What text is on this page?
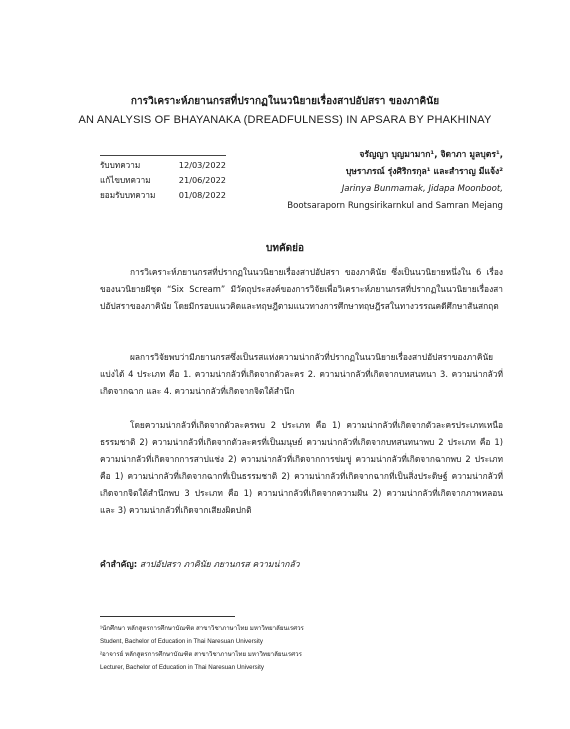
การวิเคราะห์ภยานกรสที่ปรากฏในนวนิยายเรื่องสาปอัปสรา ของภาคินัย
AN ANALYSIS OF BHAYANAKA (DREADFULNESS) IN APSARA BY PHAKHINAY
รับบทความ	12/03/2022
แก้ไขบทความ	21/06/2022
ยอมรับบทความ	01/08/2022
จรัญญา บุญมามาก¹, จิดาภา มูลบุตร¹,
บุษราภรณ์ รุ่งศิริกรกุล¹ และสำราญ มีแจ้ง²
Jarinya Bunmamak, Jidapa Moonboot,
Bootsaraporn Rungsirikarnkul and Samran Mejang
บทคัดย่อ

การวิเคราะห์ภยานกรสที่ปรากฏในนวนิยายเรื่องสาปอัปสรา ของภาคินัย ซึ่งเป็นนวนิยายหนึ่งใน 6 เรื่องของนวนิยายผีชุด “Six Scream” มีวัตถุประสงค์ของการวิจัยเพื่อวิเคราะห์ภยานกรสที่ปรากฏในนวนิยายเรื่องสาปอัปสราของภาคินัย โดยมีกรอบแนวคิดและทฤษฎีตามแนวทางการศึกษาทฤษฎีรสในทางวรรณคดีศึกษาสันสกฤต

ผลการวิจัยพบว่ามีภยานกรสซึ่งเป็นรสแห่งความน่ากลัวที่ปรากฏในนวนิยายเรื่องสาปอัปสราของภาคินัย แบ่งได้ 4 ประเภท คือ 1. ความน่ากลัวที่เกิดจากตัวละคร 2. ความน่ากลัวที่เกิดจากบทสนทนา 3. ความน่ากลัวที่เกิดจากฉาก และ 4. ความน่ากลัวที่เกิดจากจิตใต้สำนึก

โดยความน่ากลัวที่เกิดจากตัวละครพบ 2 ประเภท คือ 1) ความน่ากลัวที่เกิดจากตัวละครประเภทเหนือธรรมชาติ 2) ความน่ากลัวที่เกิดจากตัวละครที่เป็นมนุษย์ ความน่ากลัวที่เกิดจากบทสนทนาพบ 2 ประเภท คือ 1) ความน่ากลัวที่เกิดจากการสาปแช่ง 2) ความน่ากลัวที่เกิดจากการข่มขู่ ความน่ากลัวที่เกิดจากฉากพบ 2 ประเภท คือ 1) ความน่ากลัวที่เกิดจากฉากที่เป็นธรรมชาติ 2) ความน่ากลัวที่เกิดจากฉากที่เป็นสิ่งประดิษฐ์ ความน่ากลัวที่เกิดจากจิตใต้สำนึกพบ 3 ประเภท คือ 1) ความน่ากลัวที่เกิดจากความฝัน 2) ความน่ากลัวที่เกิดจากภาพหลอน และ 3) ความน่ากลัวที่เกิดจากเสียงผิดปกติ

คำสำคัญ: สาปอัปสรา ภาคินัย ภยานกรส ความน่ากลัว
¹นักศึกษา หลักสูตรการศึกษาบัณฑิต สาขาวิชาภาษาไทย มหาวิทยาลัยนเรศวร
Student, Bachelor of Education in Thai Naresuan University
²อาจารย์ หลักสูตรการศึกษาบัณฑิต สาขาวิชาภาษาไทย มหาวิทยาลัยนเรศวร
Lecturer, Bachelor of Education in Thai Naresuan University
